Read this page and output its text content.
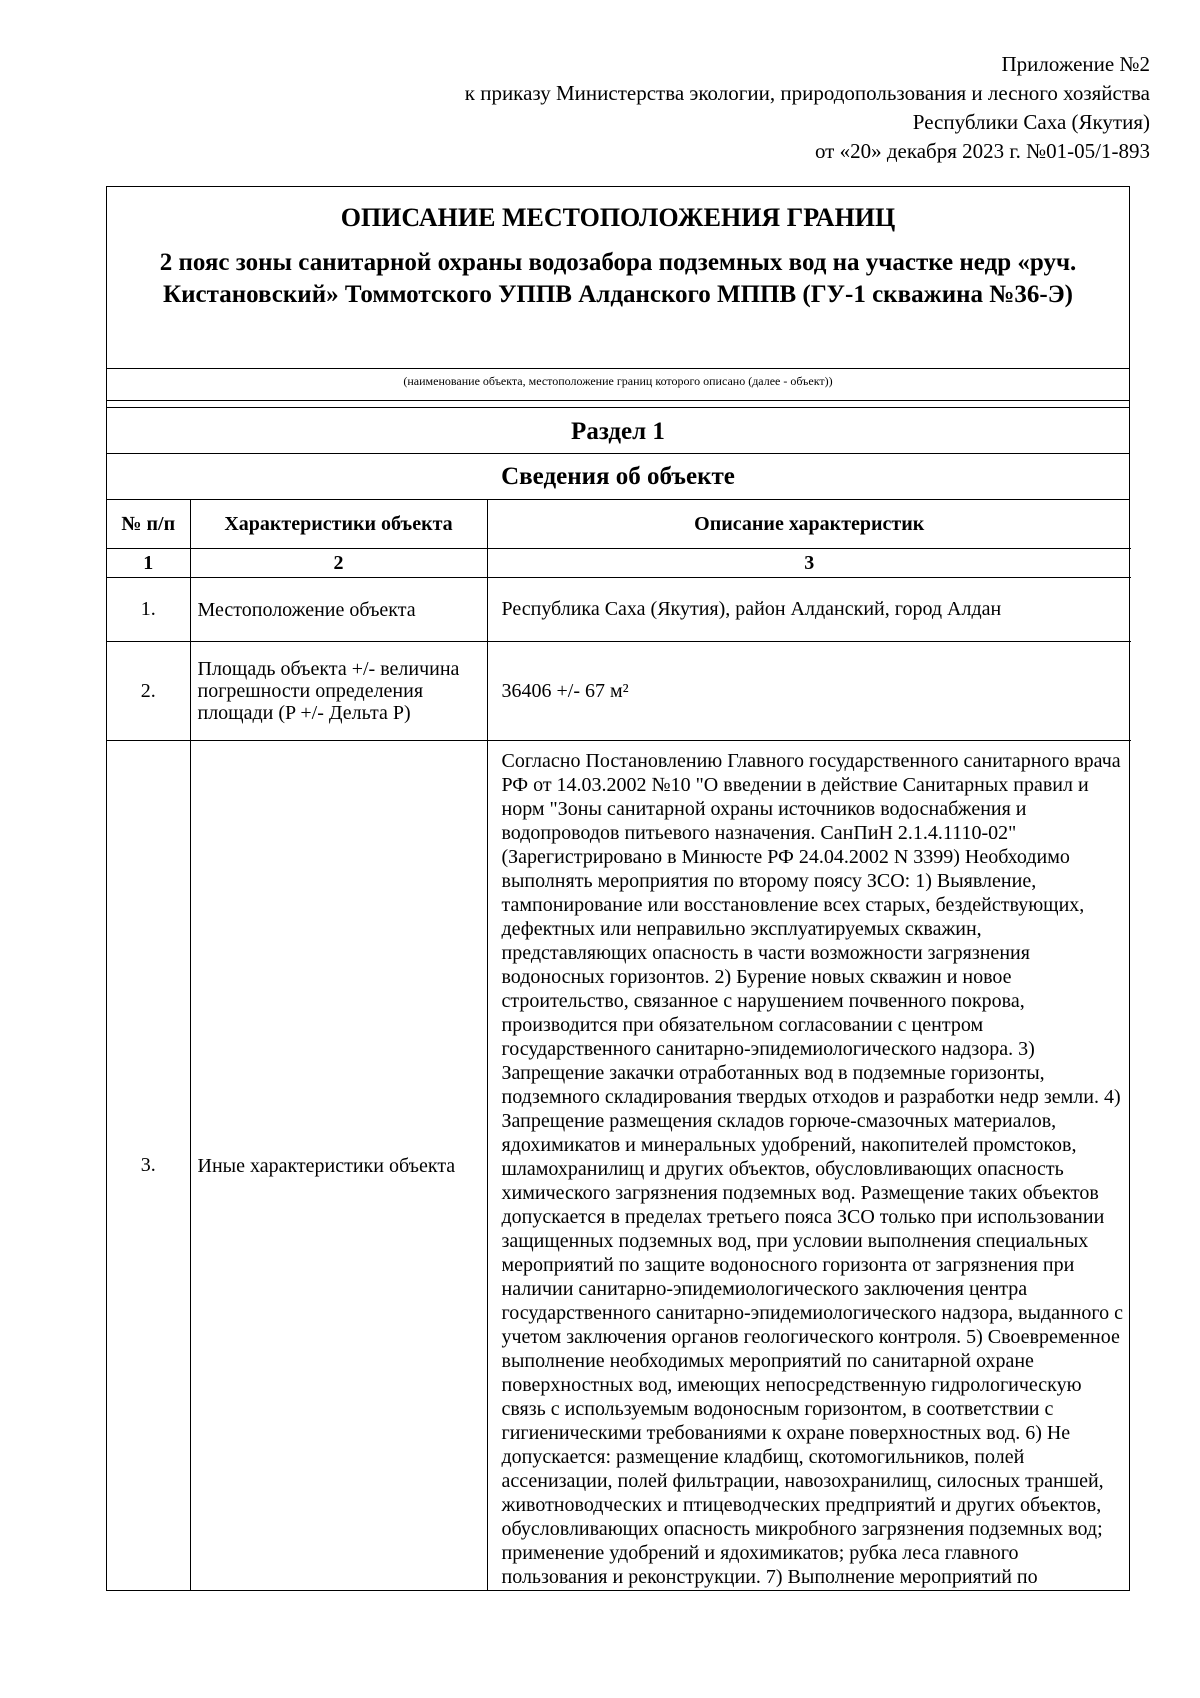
Приложение №2
к приказу Министерства экологии, природопользования и лесного хозяйства
Республики Саха (Якутия)
от «20» декабря 2023 г. №01-05/1-893
ОПИСАНИЕ МЕСТОПОЛОЖЕНИЯ ГРАНИЦ
2 пояс зоны санитарной охраны водозабора подземных вод на участке недр «руч. Кистановский» Томмотского УППВ Алданского МППВ (ГУ-1 скважина №36-Э)
(наименование объекта, местоположение границ которого описано (далее - объект))
Раздел 1
Сведения об объекте
№ п/п	Характеристики объекта	Описание характеристик
1	2	3
1.	Местоположение объекта	Республика Саха (Якутия), район Алданский, город Алдан
2.	Площадь объекта +/- величина погрешности определения площади (P +/- Дельта P)	36406 +/- 67 м²
3.	Иные характеристики объекта	Согласно Постановлению Главного государственного санитарного врача РФ от 14.03.2002 №10 "О введении в действие Санитарных правил и норм "Зоны санитарной охраны источников водоснабжения и водопроводов питьевого назначения. СанПиН 2.1.4.1110-02" (Зарегистрировано в Минюсте РФ 24.04.2002 N 3399) Необходимо выполнять мероприятия по второму поясу ЗСО: 1) Выявление, тампонирование или восстановление всех старых, бездействующих, дефектных или неправильно эксплуатируемых скважин, представляющих опасность в части возможности загрязнения водоносных горизонтов. 2) Бурение новых скважин и новое строительство, связанное с нарушением почвенного покрова, производится при обязательном согласовании с центром государственного санитарно-эпидемиологического надзора. 3) Запрещение закачки отработанных вод в подземные горизонты, подземного складирования твердых отходов и разработки недр земли. 4) Запрещение размещения складов горюче-смазочных материалов, ядохимикатов и минеральных удобрений, накопителей промстоков, шламохранилищ и других объектов, обусловливающих опасность химического загрязнения подземных вод. Размещение таких объектов допускается в пределах третьего пояса ЗСО только при использовании защищенных подземных вод, при условии выполнения специальных мероприятий по защите водоносного горизонта от загрязнения при наличии санитарно-эпидемиологического заключения центра государственного санитарно-эпидемиологического надзора, выданного с учетом заключения органов геологического контроля. 5) Своевременное выполнение необходимых мероприятий по санитарной охране поверхностных вод, имеющих непосредственную гидрологическую связь с используемым водоносным горизонтом, в соответствии с гигиеническими требованиями к охране поверхностных вод. 6) Не допускается: размещение кладбищ, скотомогильников, полей ассенизации, полей фильтрации, навозохранилищ, силосных траншей, животноводческих и птицеводческих предприятий и других объектов, обусловливающих опасность микробного загрязнения подземных вод; применение удобрений и ядохимикатов; рубка леса главного пользования и реконструкции. 7) Выполнение мероприятий по
